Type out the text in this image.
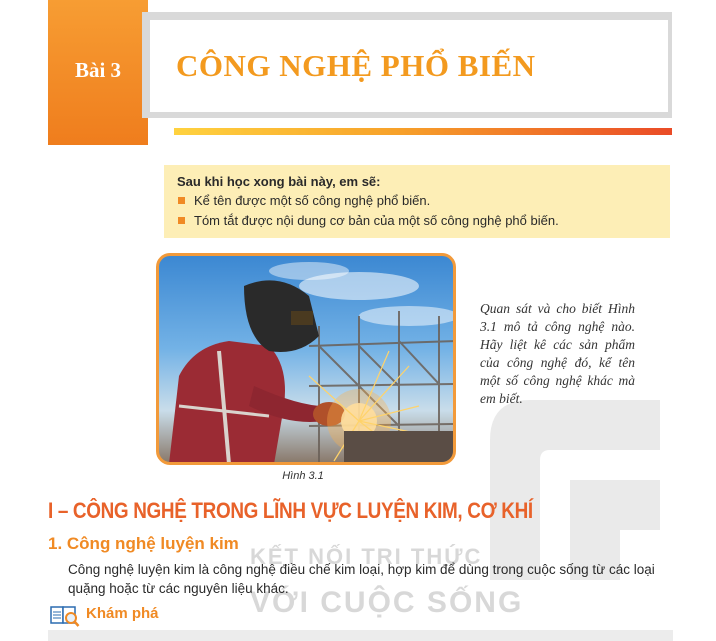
Bài 3	CÔNG NGHỆ PHỔ BIẾN
Sau khi học xong bài này, em sẽ:
Kể tên được một số công nghệ phổ biến.
Tóm tắt được nội dung cơ bản của một số công nghệ phổ biến.
Hình 3.1
Quan sát và cho biết Hình 3.1 mô tả công nghệ nào. Hãy liệt kê các sản phẩm của công nghệ đó, kể tên một số công nghệ khác mà em biết.
KẾT NỐI TRI THỨC
VỚI CUỘC SỐNG
I – CÔNG NGHỆ TRONG LĨNH VỰC LUYỆN KIM, CƠ KHÍ
1. Công nghệ luyện kim
Công nghệ luyện kim là công nghệ điều chế kim loại, hợp kim để dùng trong cuộc sống từ các loại quặng hoặc từ các nguyên liệu khác.
Khám phá
